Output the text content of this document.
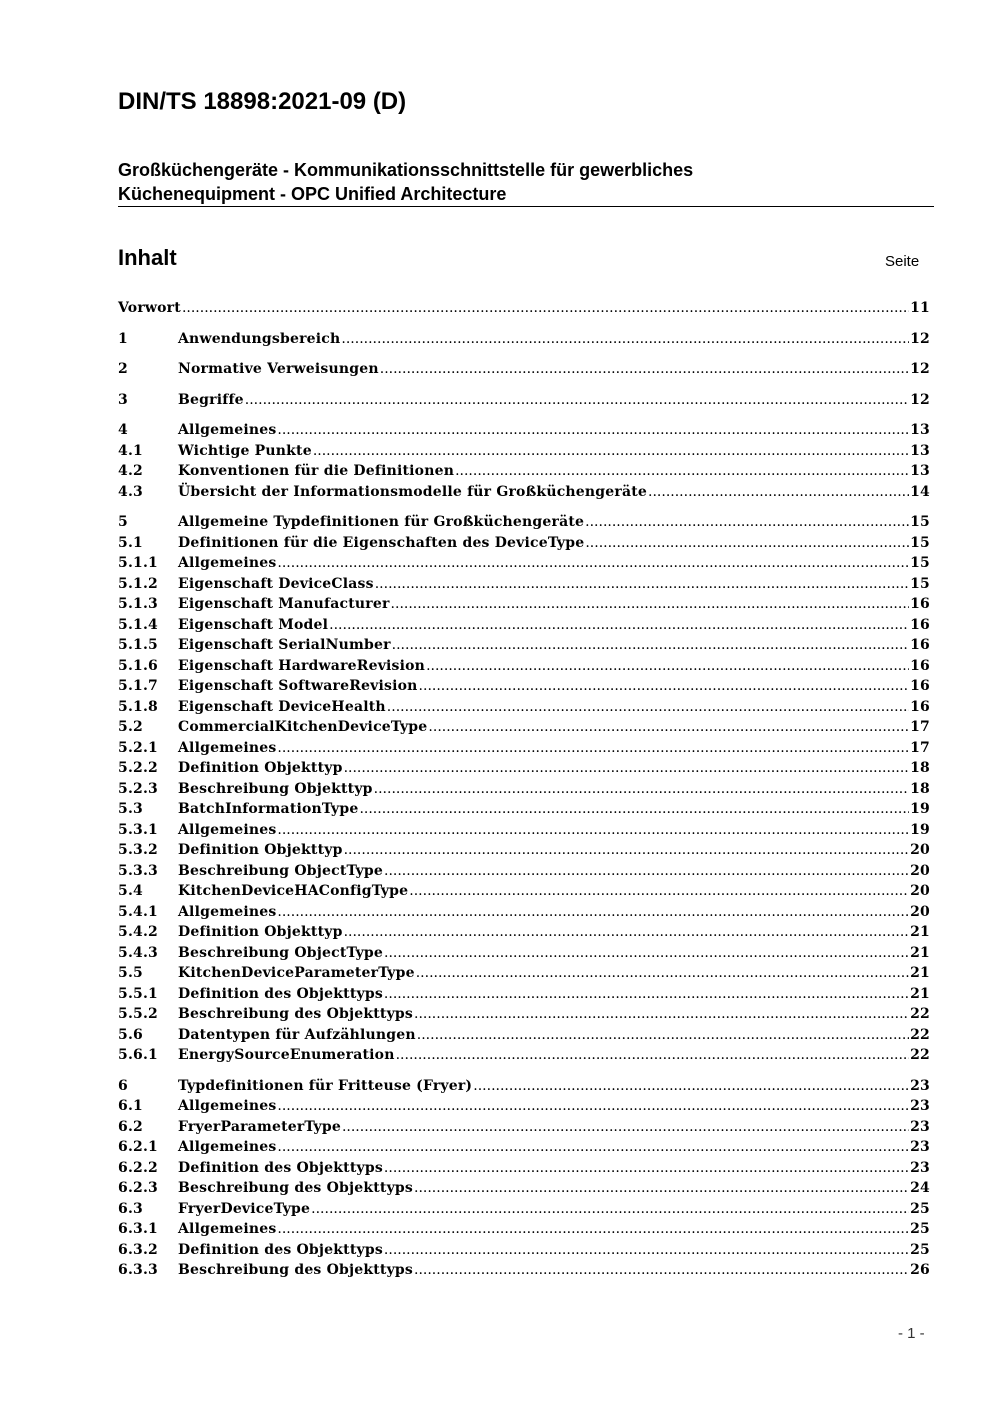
DIN/TS 18898:2021-09 (D)
Großküchengeräte - Kommunikationsschnittstelle für gewerbliches
Küchenequipment - OPC Unified Architecture
Inhalt	Seite
Vorwort .....	11
1	Anwendungsbereich .....	12
2	Normative Verweisungen .....	12
3	Begriffe .....	12
4	Allgemeines .....	13
4.1	Wichtige Punkte .....	13
4.2	Konventionen für die Definitionen .....	13
4.3	Übersicht der Informationsmodelle für Großküchengeräte .....	14
5	Allgemeine Typdefinitionen für Großküchengeräte .....	15
5.1	Definitionen für die Eigenschaften des DeviceType .....	15
5.1.1	Allgemeines .....	15
5.1.2	Eigenschaft DeviceClass .....	15
5.1.3	Eigenschaft Manufacturer .....	16
5.1.4	Eigenschaft Model .....	16
5.1.5	Eigenschaft SerialNumber .....	16
5.1.6	Eigenschaft HardwareRevision .....	16
5.1.7	Eigenschaft SoftwareRevision .....	16
5.1.8	Eigenschaft DeviceHealth .....	16
5.2	CommercialKitchenDeviceType .....	17
5.2.1	Allgemeines .....	17
5.2.2	Definition Objekttyp .....	18
5.2.3	Beschreibung Objekttyp .....	18
5.3	BatchInformationType .....	19
5.3.1	Allgemeines .....	19
5.3.2	Definition Objekttyp .....	20
5.3.3	Beschreibung ObjectType .....	20
5.4	KitchenDeviceHAConfigType .....	20
5.4.1	Allgemeines .....	20
5.4.2	Definition Objekttyp .....	21
5.4.3	Beschreibung ObjectType .....	21
5.5	KitchenDeviceParameterType .....	21
5.5.1	Definition des Objekttyps .....	21
5.5.2	Beschreibung des Objekttyps .....	22
5.6	Datentypen für Aufzählungen .....	22
5.6.1	EnergySourceEnumeration .....	22
6	Typdefinitionen für Fritteuse (Fryer) .....	23
6.1	Allgemeines .....	23
6.2	FryerParameterType .....	23
6.2.1	Allgemeines .....	23
6.2.2	Definition des Objekttyps .....	23
6.2.3	Beschreibung des Objekttyps .....	24
6.3	FryerDeviceType .....	25
6.3.1	Allgemeines .....	25
6.3.2	Definition des Objekttyps .....	25
6.3.3	Beschreibung des Objekttyps .....	26
- 1 -
